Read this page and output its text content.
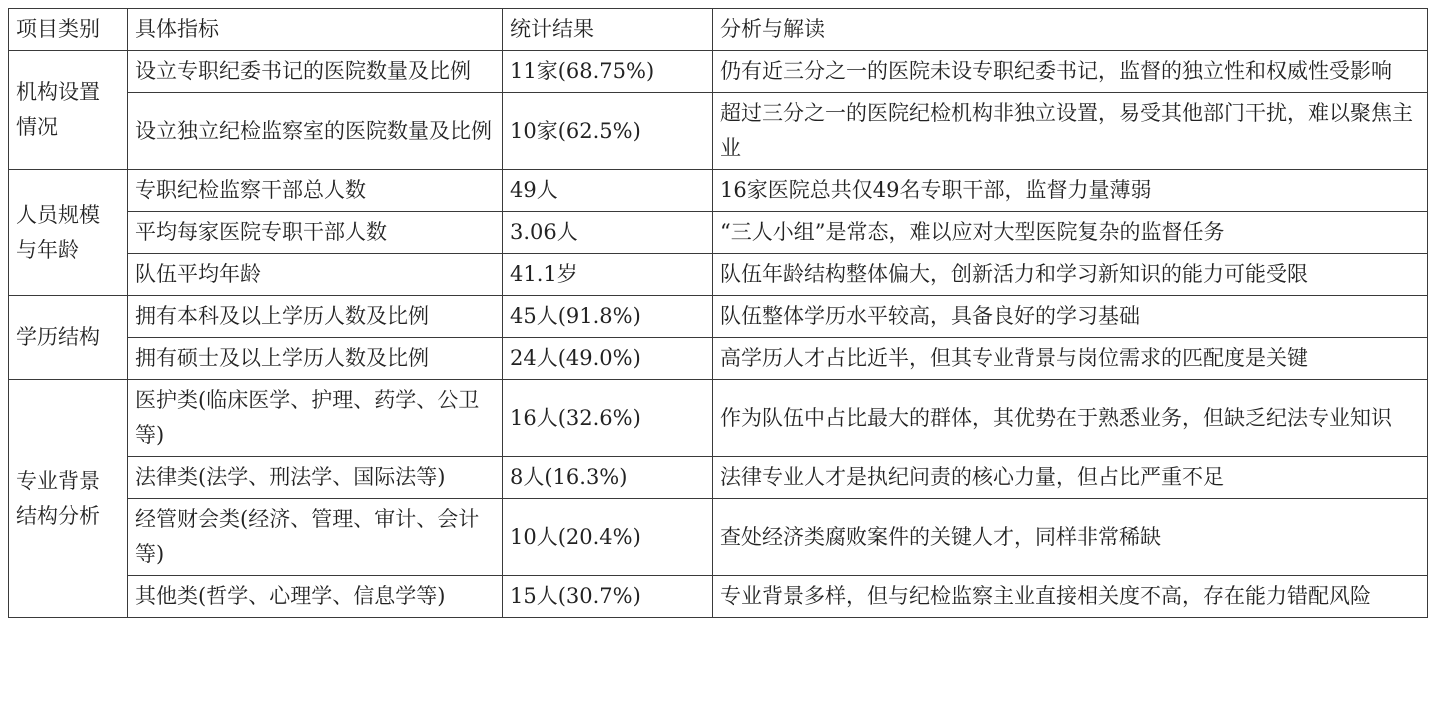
项目类别	具体指标	统计结果	分析与解读
机构设置情况	设立专职纪委书记的医院数量及比例	11家(68.75%)	仍有近三分之一的医院未设专职纪委书记，监督的独立性和权威性受影响
	设立独立纪检监察室的医院数量及比例	10家(62.5%)	超过三分之一的医院纪检机构非独立设置，易受其他部门干扰，难以聚焦主业
人员规模与年龄	专职纪检监察干部总人数	49人	16家医院总共仅49名专职干部，监督力量薄弱
	平均每家医院专职干部人数	3.06人	“三人小组”是常态，难以应对大型医院复杂的监督任务
	队伍平均年龄	41.1岁	队伍年龄结构整体偏大，创新活力和学习新知识的能力可能受限
学历结构	拥有本科及以上学历人数及比例	45人(91.8%)	队伍整体学历水平较高，具备良好的学习基础
	拥有硕士及以上学历人数及比例	24人(49.0%)	高学历人才占比近半，但其专业背景与岗位需求的匹配度是关键
专业背景结构分析	医护类(临床医学、护理、药学、公卫等)	16人(32.6%)	作为队伍中占比最大的群体，其优势在于熟悉业务，但缺乏纪法专业知识
	法律类(法学、刑法学、国际法等)	8人(16.3%)	法律专业人才是执纪问责的核心力量，但占比严重不足
	经管财会类(经济、管理、审计、会计等)	10人(20.4%)	查处经济类腐败案件的关键人才，同样非常稀缺
	其他类(哲学、心理学、信息学等)	15人(30.7%)	专业背景多样，但与纪检监察主业直接相关度不高，存在能力错配风险
